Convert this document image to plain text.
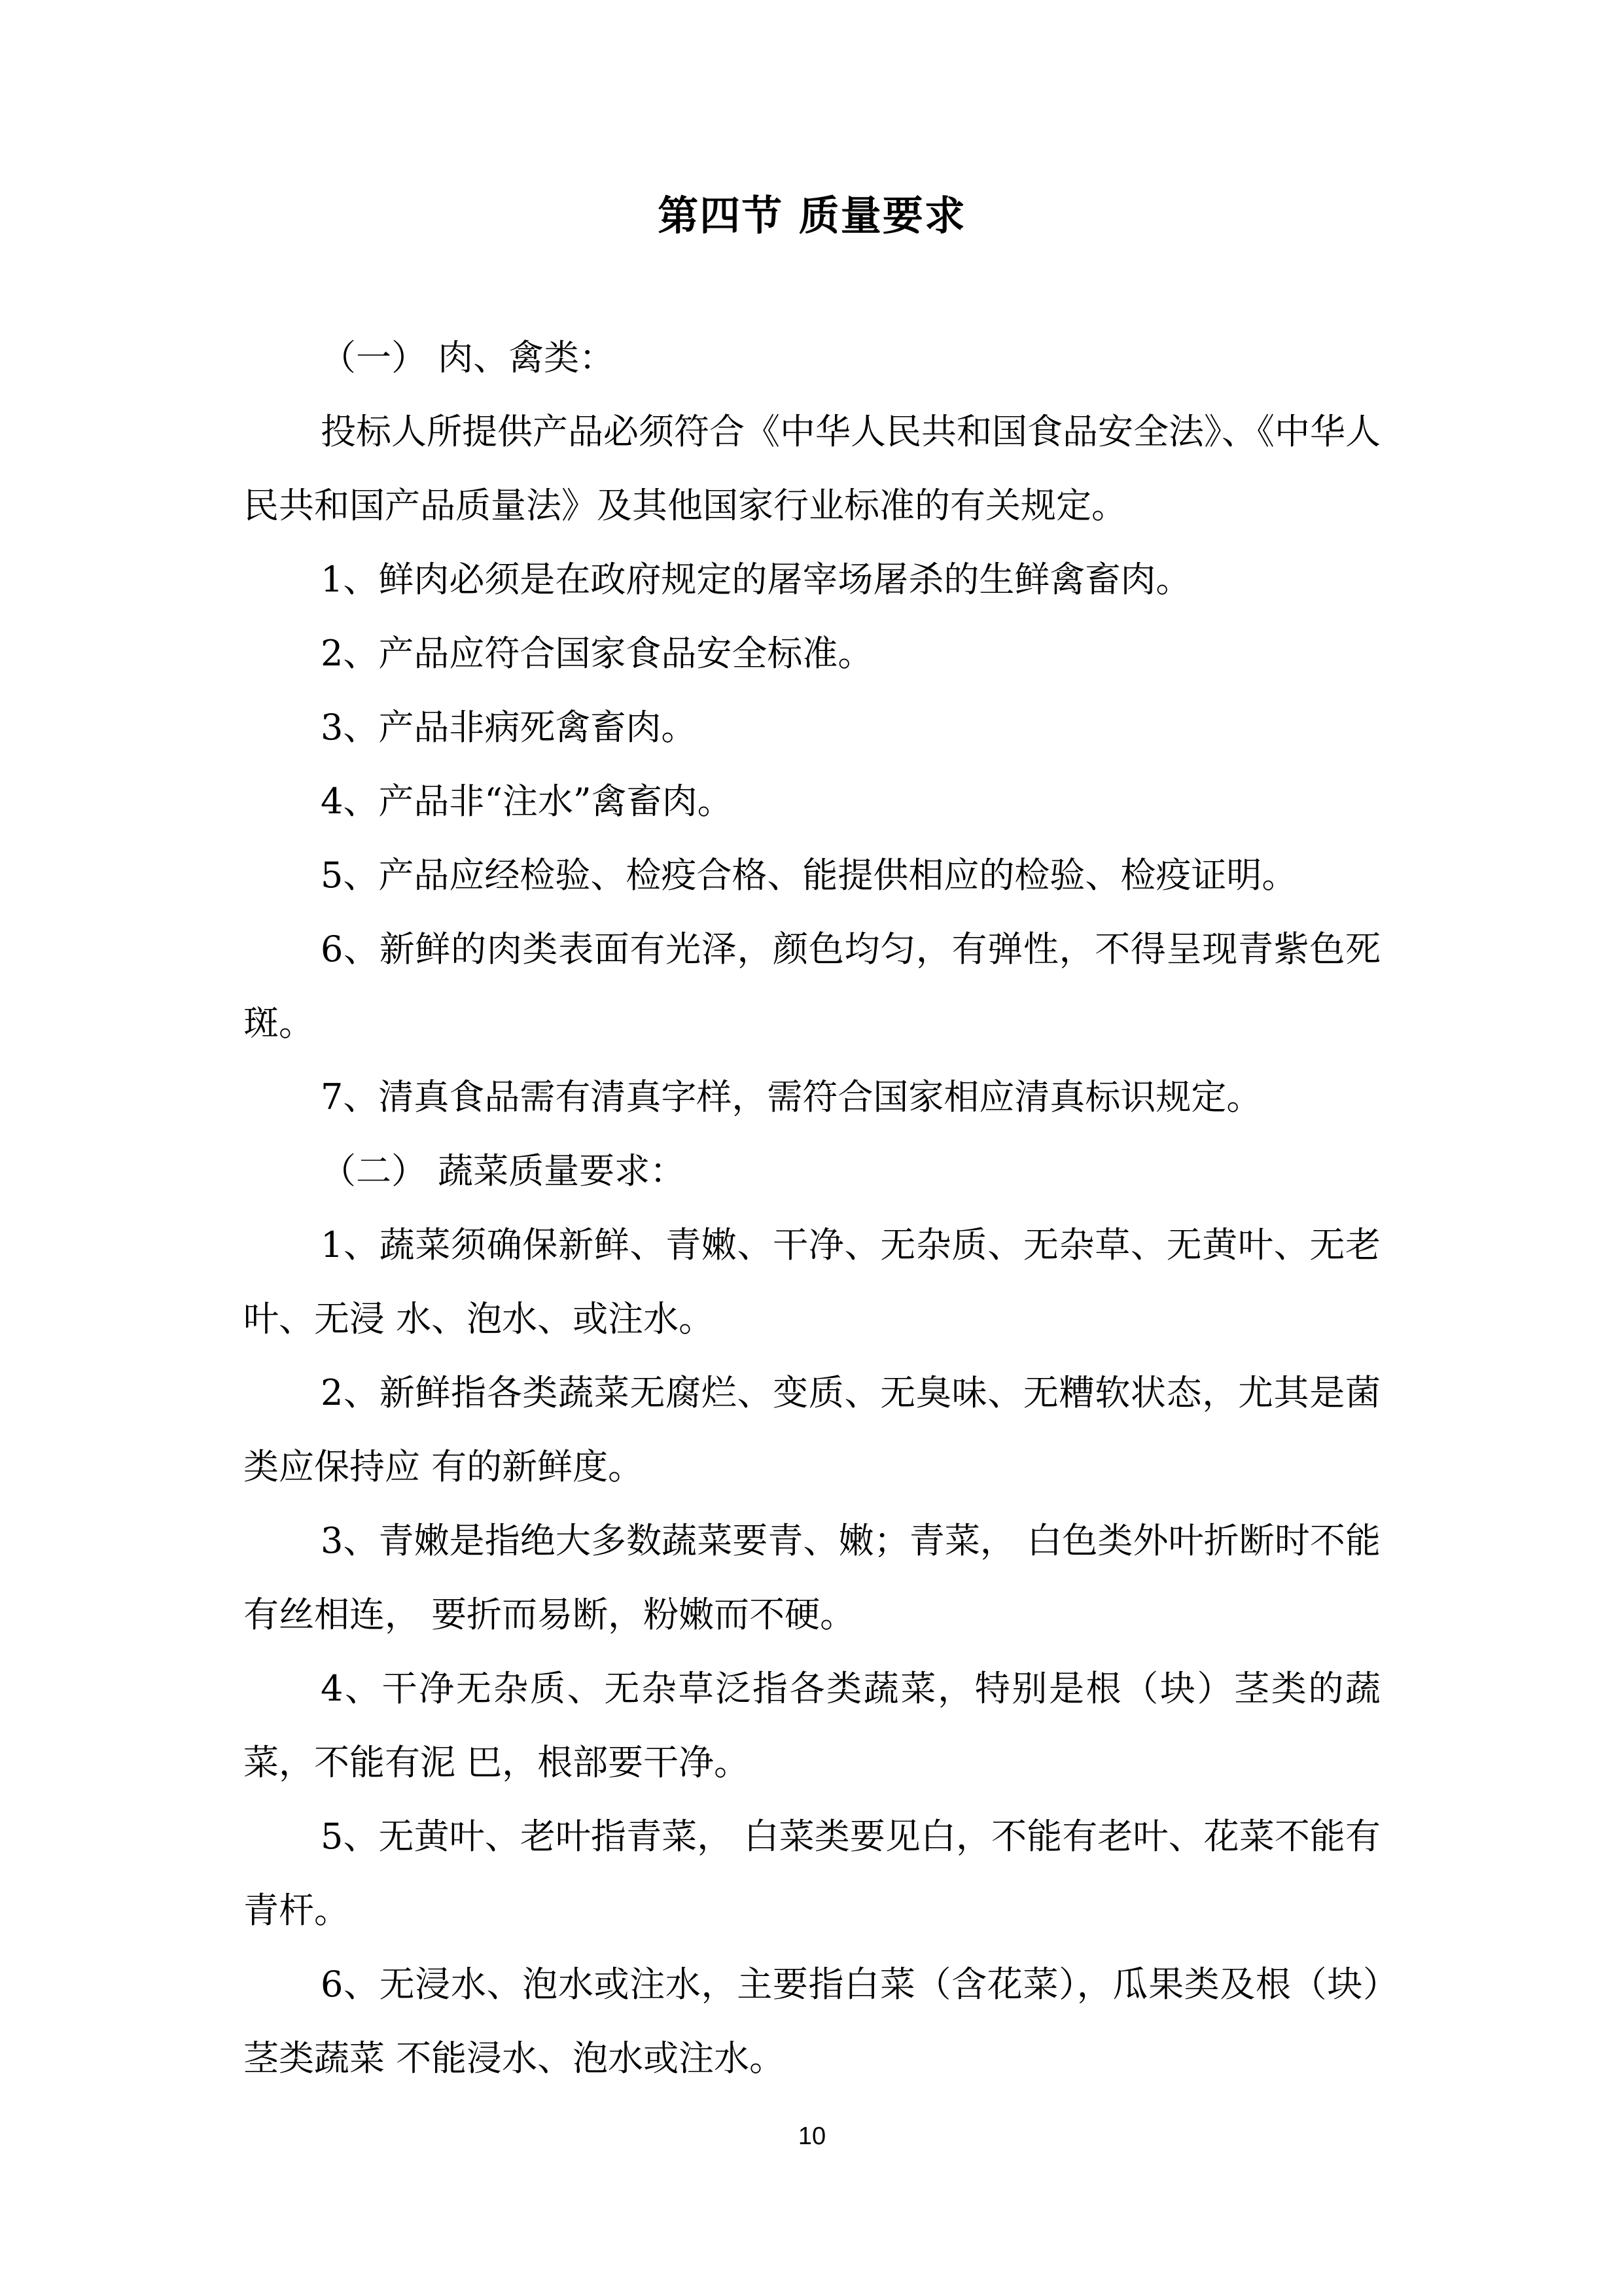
第四节 质量要求

（一） 肉、禽类：

投标人所提供产品必须符合《中华人民共和国食品安全法》、《中华人民共和国产品质量法》及其他国家行业标准的有关规定。

1、鲜肉必须是在政府规定的屠宰场屠杀的生鲜禽畜肉。

2、产品应符合国家食品安全标准。

3、产品非病死禽畜肉。

4、产品非“注水”禽畜肉。

5、产品应经检验、检疫合格、能提供相应的检验、检疫证明。

6、新鲜的肉类表面有光泽，颜色均匀，有弹性，不得呈现青紫色死斑。

7、清真食品需有清真字样，需符合国家相应清真标识规定。

（二） 蔬菜质量要求：

1、蔬菜须确保新鲜、青嫩、干净、无杂质、无杂草、无黄叶、无老叶、无浸 水、泡水、或注水。

2、新鲜指各类蔬菜无腐烂、变质、无臭味、无糟软状态，尤其是菌类应保持应 有的新鲜度。

3、青嫩是指绝大多数蔬菜要青、嫩；青菜， 白色类外叶折断时不能有丝相连， 要折而易断，粉嫩而不硬。

4、干净无杂质、无杂草泛指各类蔬菜，特别是根（块）茎类的蔬菜，不能有泥 巴，根部要干净。

5、无黄叶、老叶指青菜， 白菜类要见白，不能有老叶、花菜不能有青杆。

6、无浸水、泡水或注水，主要指白菜（含花菜），瓜果类及根（块）茎类蔬菜 不能浸水、泡水或注水。

10
